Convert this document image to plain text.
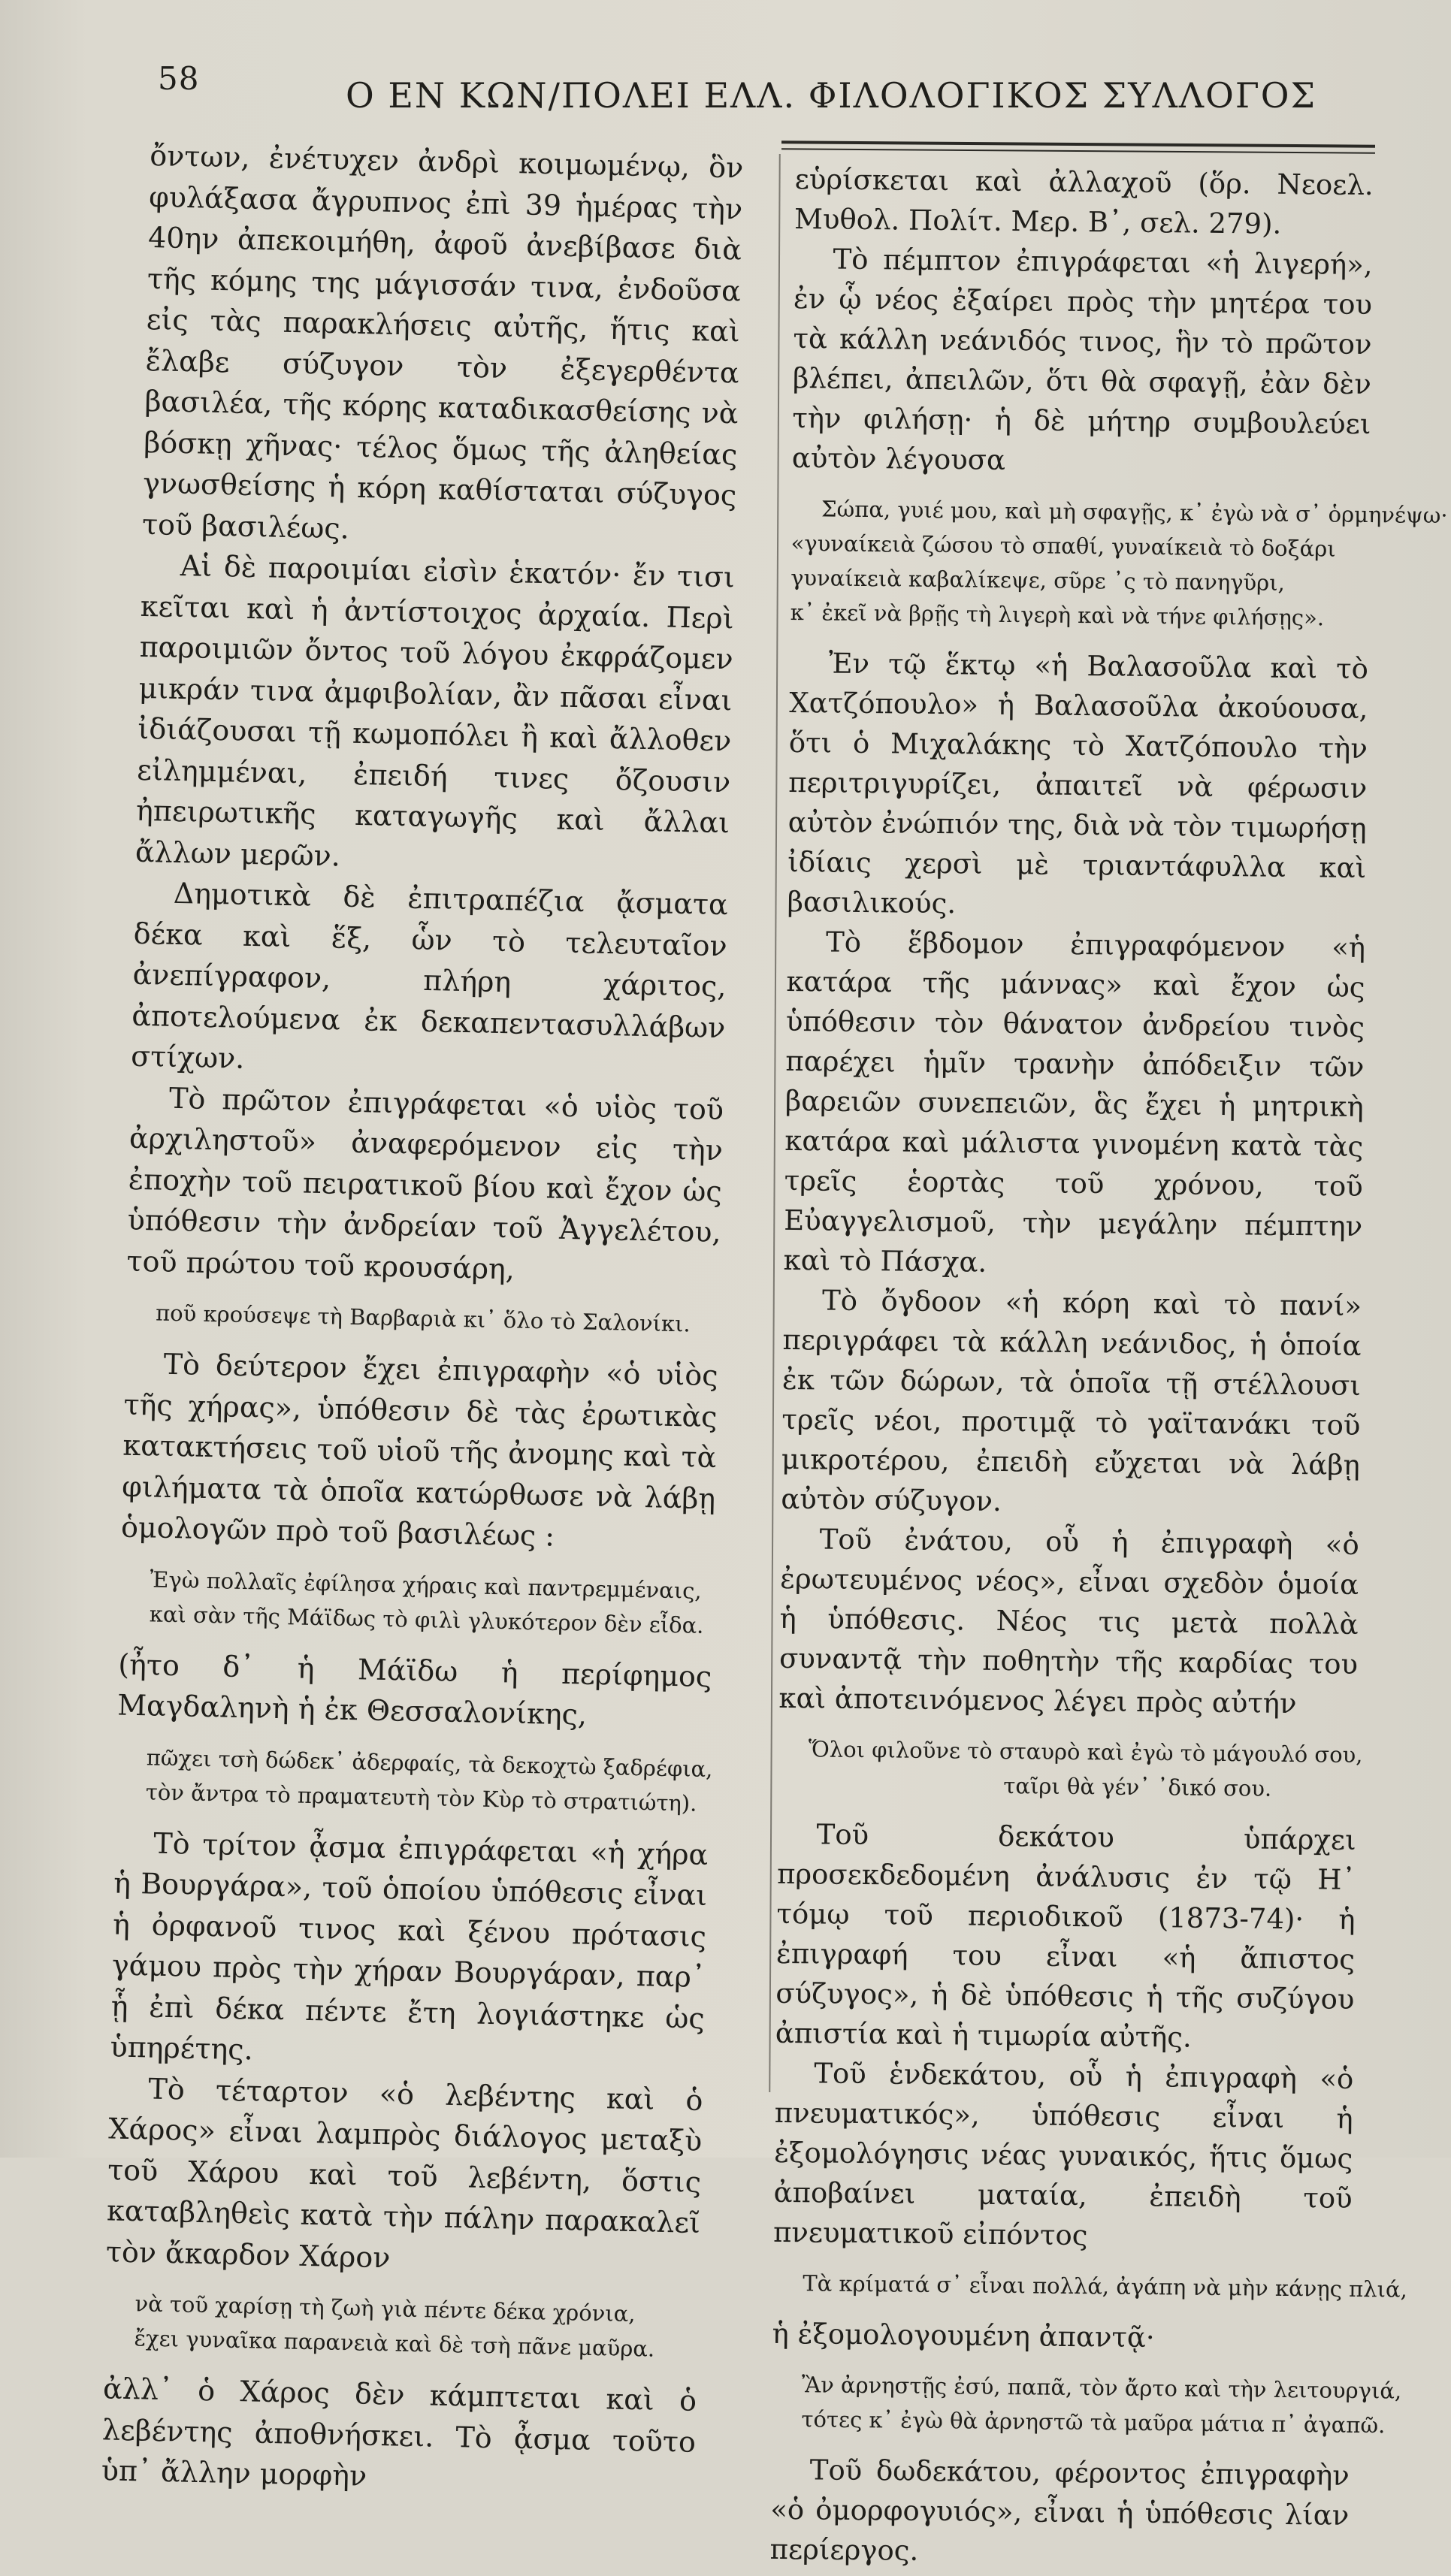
58	Ο ΕΝ ΚΩΝ/ΠΟΛΕΙ ΕΛΛ. ΦΙΛΟΛΟΓΙΚΟΣ ΣΥΛΛΟΓΟΣ

ὄντων, ἐνέτυχεν ἀνδρὶ κοιμωμένῳ, ὃν φυλάξασα ἄγρυπνος ἐπὶ 39 ἡμέρας τὴν 40ην ἀπεκοιμήθη, ἀφοῦ ἀνεβίβασε διὰ τῆς κόμης της μάγισσάν τινα, ἐνδοῦσα εἰς τὰς παρακλήσεις αὐτῆς, ἥτις καὶ ἔλαβε σύζυγον τὸν ἐξεγερθέντα βασιλέα, τῆς κόρης καταδικασθείσης νὰ βόσκῃ χῆνας· τέλος ὅμως τῆς ἀληθείας γνωσθείσης ἡ κόρη καθίσταται σύζυγος τοῦ βασιλέως.

Αἱ δὲ παροιμίαι εἰσὶν ἑκατόν· ἔν τισι κεῖται καὶ ἡ ἀντίστοιχος ἀρχαία. Περὶ παροιμιῶν ὄντος τοῦ λόγου ἐκφράζομεν μικράν τινα ἀμφιβολίαν, ἂν πᾶσαι εἶναι ἰδιάζουσαι τῇ κωμοπόλει ἢ καὶ ἄλλοθεν εἰλημμέναι, ἐπειδή τινες ὄζουσιν ἠπειρωτικῆς καταγωγῆς καὶ ἄλλαι ἄλλων μερῶν.

Δημοτικὰ δὲ ἐπιτραπέζια ᾄσματα δέκα καὶ ἕξ, ὧν τὸ τελευταῖον ἀνεπίγραφον, πλήρη χάριτος, ἀποτελούμενα ἐκ δεκαπεντασυλλάβων στίχων.

Τὸ πρῶτον ἐπιγράφεται «ὁ υἱὸς τοῦ ἀρχιληστοῦ» ἀναφερόμενον εἰς τὴν ἐποχὴν τοῦ πειρατικοῦ βίου καὶ ἔχον ὡς ὑπόθεσιν τὴν ἀνδρείαν τοῦ Ἀγγελέτου, τοῦ πρώτου τοῦ κρουσάρη,

ποῦ κρούσεψε τὴ Βαρβαριὰ κι᾽ ὅλο τὸ Σαλονίκι.

Τὸ δεύτερον ἔχει ἐπιγραφὴν «ὁ υἱὸς τῆς χήρας», ὑπόθεσιν δὲ τὰς ἐρωτικὰς κατακτήσεις τοῦ υἱοῦ τῆς ἀνομης καὶ τὰ φιλήματα τὰ ὁποῖα κατώρθωσε νὰ λάβῃ ὁμολογῶν πρὸ τοῦ βασιλέως :

Ἐγὼ πολλαῖς ἐφίλησα χήραις καὶ παντρεμμέναις,
καὶ σὰν τῆς Μάϊδως τὸ φιλὶ γλυκότερον δὲν εἶδα.

(ἦτο δ᾽ ἡ Μάϊδω ἡ περίφημος Μαγδαληνὴ ἡ ἐκ Θεσσαλονίκης,

πῶχει τσὴ δώδεκ᾽ ἀδερφαίς, τὰ δεκοχτὼ ξαδρέφια,
τὸν ἄντρα τὸ πραματευτὴ τὸν Κὺρ τὸ στρατιώτη).

Τὸ τρίτον ᾆσμα ἐπιγράφεται «ἡ χήρα ἡ Βουργάρα», τοῦ ὁποίου ὑπόθεσις εἶναι ἡ ὀρφανοῦ τινος καὶ ξένου πρότασις γάμου πρὸς τὴν χήραν Βουργάραν, παρ᾽ ᾗ ἐπὶ δέκα πέντε ἔτη λογιάστηκε ὡς ὑπηρέτης.

Τὸ τέταρτον «ὁ λεβέντης καὶ ὁ Χάρος» εἶναι λαμπρὸς διάλογος μεταξὺ τοῦ Χάρου καὶ τοῦ λεβέντη, ὅστις καταβληθεὶς κατὰ τὴν πάλην παρακαλεῖ τὸν ἄκαρδον Χάρον

νὰ τοῦ χαρίσῃ τὴ ζωὴ γιὰ πέντε δέκα χρόνια,
ἔχει γυναῖκα παρανειὰ καὶ δὲ τσὴ πᾶνε μαῦρα.

ἀλλ᾽ ὁ Χάρος δὲν κάμπτεται καὶ ὁ λεβέντης ἀποθνήσκει. Τὸ ᾆσμα τοῦτο ὑπ᾽ ἄλλην μορφὴν

εὑρίσκεται καὶ ἀλλαχοῦ (ὅρ. Νεοελ. Μυθολ. Πολίτ. Μερ. Β᾽, σελ. 279).

Τὸ πέμπτον ἐπιγράφεται «ἡ λιγερή», ἐν ᾧ νέος ἐξαίρει πρὸς τὴν μητέρα του τὰ κάλλη νεάνιδός τινος, ἣν τὸ πρῶτον βλέπει, ἀπειλῶν, ὅτι θὰ σφαγῇ, ἐὰν δὲν τὴν φιλήσῃ· ἡ δὲ μήτηρ συμβουλεύει αὐτὸν λέγουσα

Σώπα, γυιέ μου, καὶ μὴ σφαγῇς, κ᾽ ἐγὼ νὰ σ᾽ ὁρμηνέψω·
«γυναίκειὰ ζώσου τὸ σπαθί, γυναίκειὰ τὸ δοξάρι
γυναίκειὰ καβαλίκεψε, σῦρε ᾽ς τὸ πανηγῦρι,
κ᾽ ἐκεῖ νὰ βρῇς τὴ λιγερὴ καὶ νὰ τήνε φιλήσῃς».

Ἐν τῷ ἕκτῳ «ἡ Βαλασοῦλα καὶ τὸ Χατζόπουλο» ἡ Βαλασοῦλα ἀκούουσα, ὅτι ὁ Μιχαλάκης τὸ Χατζόπουλο τὴν περιτριγυρίζει, ἀπαιτεῖ νὰ φέρωσιν αὐτὸν ἐνώπιόν της, διὰ νὰ τὸν τιμωρήσῃ ἰδίαις χερσὶ μὲ τριαντάφυλλα καὶ βασιλικούς.

Τὸ ἕβδομον ἐπιγραφόμενον «ἡ κατάρα τῆς μάννας» καὶ ἔχον ὡς ὑπόθεσιν τὸν θάνατον ἀνδρείου τινὸς παρέχει ἡμῖν τρανὴν ἀπόδειξιν τῶν βαρειῶν συνεπειῶν, ἃς ἔχει ἡ μητρικὴ κατάρα καὶ μάλιστα γινομένη κατὰ τὰς τρεῖς ἑορτὰς τοῦ χρόνου, τοῦ Εὐαγγελισμοῦ, τὴν μεγάλην πέμπτην καὶ τὸ Πάσχα.

Τὸ ὄγδοον «ἡ κόρη καὶ τὸ πανί» περιγράφει τὰ κάλλη νεάνιδος, ἡ ὁποία ἐκ τῶν δώρων, τὰ ὁποῖα τῇ στέλλουσι τρεῖς νέοι, προτιμᾷ τὸ γαϊτανάκι τοῦ μικροτέρου, ἐπειδὴ εὔχεται νὰ λάβῃ αὐτὸν σύζυγον.

Τοῦ ἐνάτου, οὗ ἡ ἐπιγραφὴ «ὁ ἐρωτευμένος νέος», εἶναι σχεδὸν ὁμοία ἡ ὑπόθεσις. Νέος τις μετὰ πολλὰ συναντᾷ τὴν ποθητὴν τῆς καρδίας του καὶ ἀποτεινόμενος λέγει πρὸς αὐτήν

Ὅλοι φιλοῦνε τὸ σταυρὸ καὶ ἐγὼ τὸ μάγουλό σου,
ταῖρι θὰ γέν᾽ ᾽δικό σου.

Τοῦ δεκάτου ὑπάρχει προσεκδεδομένη ἀνάλυσις ἐν τῷ Η᾽ τόμῳ τοῦ περιοδικοῦ (1873-74)· ἡ ἐπιγραφή του εἶναι «ἡ ἄπιστος σύζυγος», ἡ δὲ ὑπόθεσις ἡ τῆς συζύγου ἀπιστία καὶ ἡ τιμωρία αὐτῆς.

Τοῦ ἑνδεκάτου, οὗ ἡ ἐπιγραφὴ «ὁ πνευματικός», ὑπόθεσις εἶναι ἡ ἐξομολόγησις νέας γυναικός, ἥτις ὅμως ἀποβαίνει ματαία, ἐπειδὴ τοῦ πνευματικοῦ εἰπόντος

Τὰ κρίματά σ᾽ εἶναι πολλά, ἀγάπη νὰ μὴν κάνῃς πλιά,

ἡ ἐξομολογουμένη ἀπαντᾷ·

Ἂν ἀρνηστῇς ἐσύ, παπᾶ, τὸν ἄρτο καὶ τὴν λειτουργιά,
τότες κ᾽ ἐγὼ θὰ ἀρνηστῶ τὰ μαῦρα μάτια π᾽ ἀγαπῶ.

Τοῦ δωδεκάτου, φέροντος ἐπιγραφὴν «ὁ ὀμορφογυιός», εἶναι ἡ ὑπόθεσις λίαν περίεργος.
